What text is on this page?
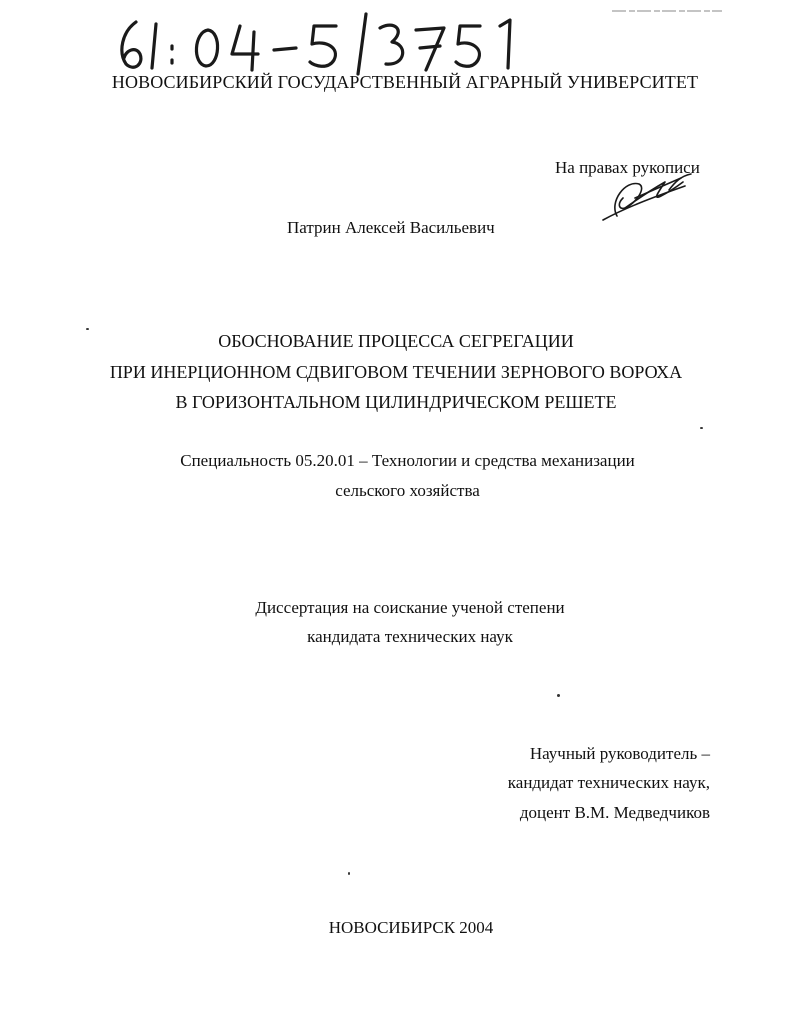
НОВОСИБИРСКИЙ ГОСУДАРСТВЕННЫЙ АГРАРНЫЙ УНИВЕРСИТЕТ
На правах рукописи
Патрин Алексей Васильевич
ОБОСНОВАНИЕ ПРОЦЕССА СЕГРЕГАЦИИ
ПРИ ИНЕРЦИОННОМ СДВИГОВОМ ТЕЧЕНИИ ЗЕРНОВОГО ВОРОХА
В ГОРИЗОНТАЛЬНОМ ЦИЛИНДРИЧЕСКОМ РЕШЕТЕ
Специальность 05.20.01 – Технологии и средства механизации
сельского хозяйства
Диссертация на соискание ученой степени
кандидата технических наук
Научный руководитель –
кандидат технических наук,
доцент В.М. Медведчиков
НОВОСИБИРСК 2004
